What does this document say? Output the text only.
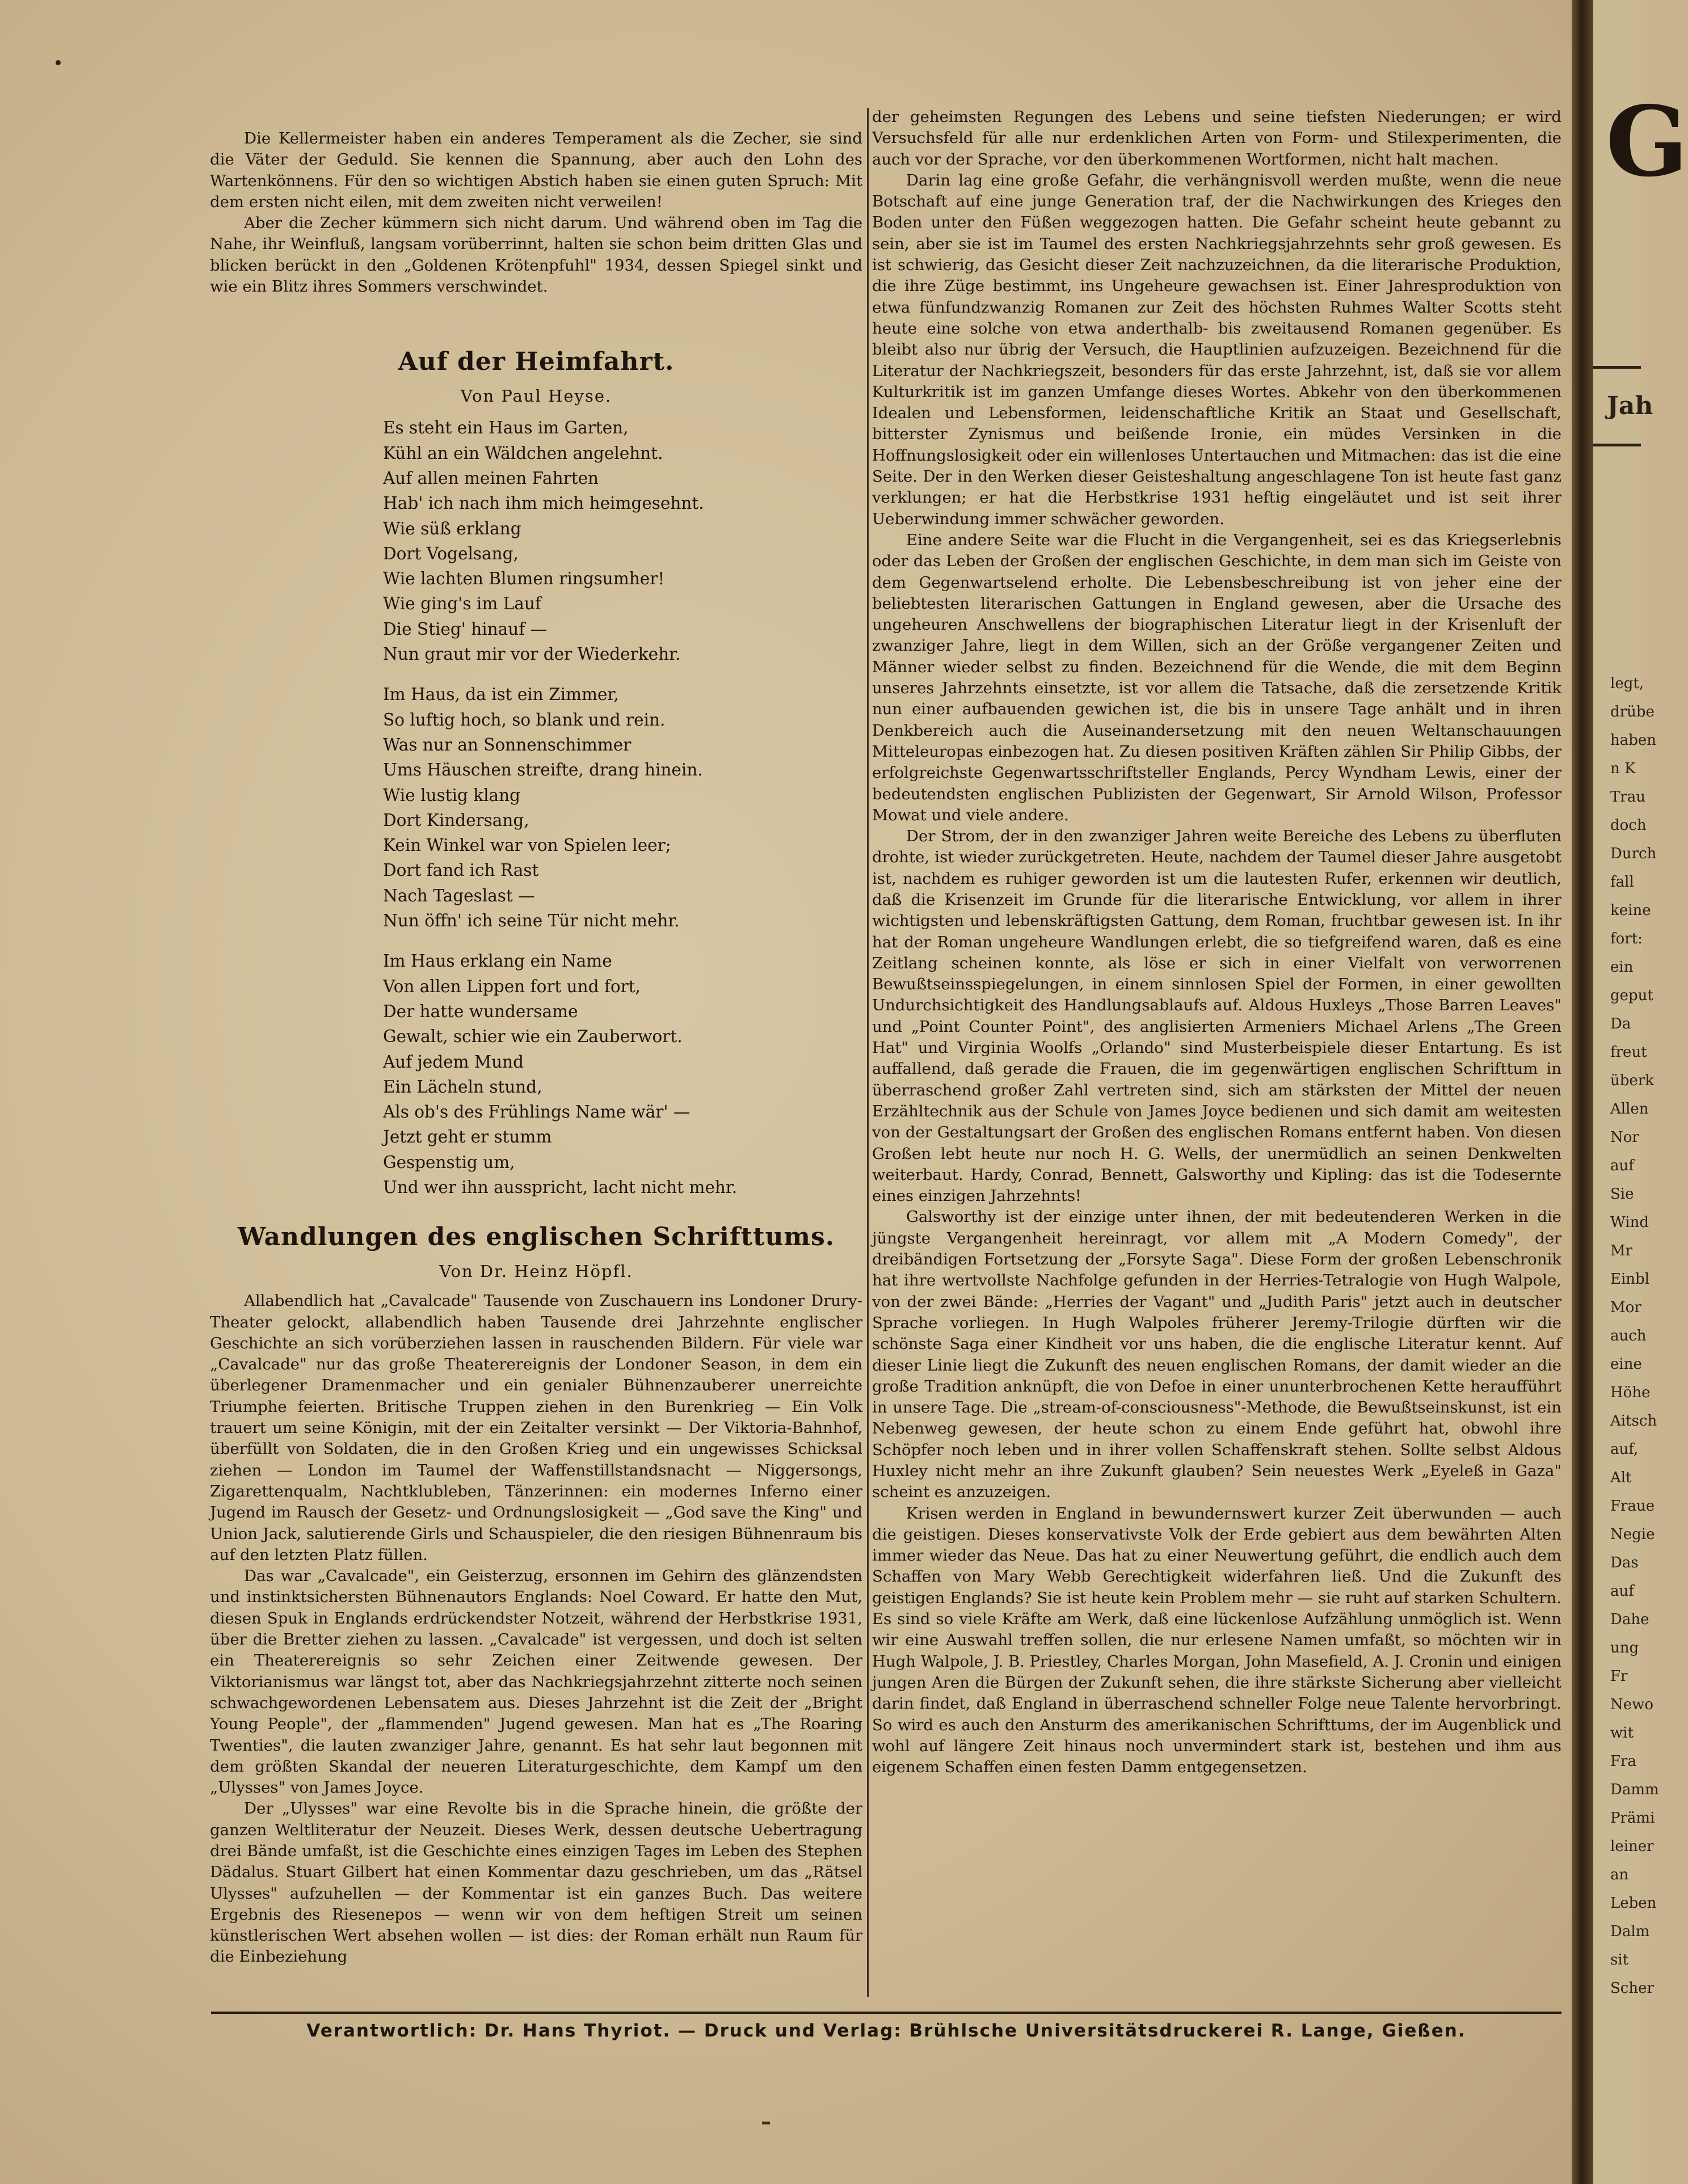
Die Kellermeister haben ein anderes Temperament als die Zecher, sie sind die Väter der Geduld. Sie kennen die Spannung, aber auch den Lohn des Wartenkönnens. Für den so wichtigen Abstich haben sie einen guten Spruch: Mit dem ersten nicht eilen, mit dem zweiten nicht verweilen!

Aber die Zecher kümmern sich nicht darum. Und während oben im Tag die Nahe, ihr Weinfluß, langsam vorüberrinnt, halten sie schon beim dritten Glas und blicken berückt in den „Goldenen Krötenpfuhl" 1934, dessen Spiegel sinkt und wie ein Blitz ihres Sommers verschwindet.

Auf der Heimfahrt.
Von Paul Heyse.
Es steht ein Haus im Garten,
Kühl an ein Wäldchen angelehnt.
Auf allen meinen Fahrten
Hab' ich nach ihm mich heimgesehnt.
Wie süß erklang
Dort Vogelsang,
Wie lachten Blumen ringsumher!
Wie ging's im Lauf
Die Stieg' hinauf —
Nun graut mir vor der Wiederkehr.
Im Haus, da ist ein Zimmer,
So luftig hoch, so blank und rein.
Was nur an Sonnenschimmer
Ums Häuschen streifte, drang hinein.
Wie lustig klang
Dort Kindersang,
Kein Winkel war von Spielen leer;
Dort fand ich Rast
Nach Tageslast —
Nun öffn' ich seine Tür nicht mehr.
Im Haus erklang ein Name
Von allen Lippen fort und fort,
Der hatte wundersame
Gewalt, schier wie ein Zauberwort.
Auf jedem Mund
Ein Lächeln stund,
Als ob's des Frühlings Name wär' —
Jetzt geht er stumm
Gespenstig um,
Und wer ihn ausspricht, lacht nicht mehr.
Wandlungen des englischen Schrifttums.
Von Dr. Heinz Höpfl.

Allabendlich hat „Cavalcade" Tausende von Zuschauern ins Londoner Drury-Theater gelockt, allabendlich haben Tausende drei Jahrzehnte englischer Geschichte an sich vorüberziehen lassen in rauschenden Bildern. Für viele war „Cavalcade" nur das große Theaterereignis der Londoner Season, in dem ein überlegener Dramenmacher und ein genialer Bühnenzauberer unerreichte Triumphe feierten. Britische Truppen ziehen in den Burenkrieg — Ein Volk trauert um seine Königin, mit der ein Zeitalter versinkt — Der Viktoria-Bahnhof, überfüllt von Soldaten, die in den Großen Krieg und ein ungewisses Schicksal ziehen — London im Taumel der Waffenstillstandsnacht — Niggersongs, Zigarettenqualm, Nachtklubleben, Tänzerinnen: ein modernes Inferno einer Jugend im Rausch der Gesetz- und Ordnungslosigkeit — „God save the King" und Union Jack, salutierende Girls und Schauspieler, die den riesigen Bühnenraum bis auf den letzten Platz füllen.

Das war „Cavalcade", ein Geisterzug, ersonnen im Gehirn des glänzendsten und instinktsichersten Bühnenautors Englands: Noel Coward. Er hatte den Mut, diesen Spuk in Englands erdrückendster Notzeit, während der Herbstkrise 1931, über die Bretter ziehen zu lassen. „Cavalcade" ist vergessen, und doch ist selten ein Theaterereignis so sehr Zeichen einer Zeitwende gewesen. Der Viktorianismus war längst tot, aber das Nachkriegsjahrzehnt zitterte noch seinen schwachgewordenen Lebensatem aus. Dieses Jahrzehnt ist die Zeit der „Bright Young People", der „flammenden" Jugend gewesen. Man hat es „The Roaring Twenties", die lauten zwanziger Jahre, genannt. Es hat sehr laut begonnen mit dem größten Skandal der neueren Literaturgeschichte, dem Kampf um den „Ulysses" von James Joyce.

Der „Ulysses" war eine Revolte bis in die Sprache hinein, die größte der ganzen Weltliteratur der Neuzeit. Dieses Werk, dessen deutsche Uebertragung drei Bände umfaßt, ist die Geschichte eines einzigen Tages im Leben des Stephen Dädalus. Stuart Gilbert hat einen Kommentar dazu geschrieben, um das „Rätsel Ulysses" aufzuhellen — der Kommentar ist ein ganzes Buch. Das weitere Ergebnis des Riesenepos — wenn wir von dem heftigen Streit um seinen künstlerischen Wert absehen wollen — ist dies: der Roman erhält nun Raum für die Einbeziehung

der geheimsten Regungen des Lebens und seine tiefsten Niederungen; er wird Versuchsfeld für alle nur erdenklichen Arten von Form- und Stilexperimenten, die auch vor der Sprache, vor den überkommenen Wortformen, nicht halt machen.

Darin lag eine große Gefahr, die verhängnisvoll werden mußte, wenn die neue Botschaft auf eine junge Generation traf, der die Nachwirkungen des Krieges den Boden unter den Füßen weggezogen hatten. Die Gefahr scheint heute gebannt zu sein, aber sie ist im Taumel des ersten Nachkriegsjahrzehnts sehr groß gewesen. Es ist schwierig, das Gesicht dieser Zeit nachzuzeichnen, da die literarische Produktion, die ihre Züge bestimmt, ins Ungeheure gewachsen ist. Einer Jahresproduktion von etwa fünfundzwanzig Romanen zur Zeit des höchsten Ruhmes Walter Scotts steht heute eine solche von etwa anderthalb- bis zweitausend Romanen gegenüber. Es bleibt also nur übrig der Versuch, die Hauptlinien aufzuzeigen. Bezeichnend für die Literatur der Nachkriegszeit, besonders für das erste Jahrzehnt, ist, daß sie vor allem Kulturkritik ist im ganzen Umfange dieses Wortes. Abkehr von den überkommenen Idealen und Lebensformen, leidenschaftliche Kritik an Staat und Gesellschaft, bitterster Zynismus und beißende Ironie, ein müdes Versinken in die Hoffnungslosigkeit oder ein willenloses Untertauchen und Mitmachen: das ist die eine Seite. Der in den Werken dieser Geisteshaltung angeschlagene Ton ist heute fast ganz verklungen; er hat die Herbstkrise 1931 heftig eingeläutet und ist seit ihrer Ueberwindung immer schwächer geworden.

Eine andere Seite war die Flucht in die Vergangenheit, sei es das Kriegserlebnis oder das Leben der Großen der englischen Geschichte, in dem man sich im Geiste von dem Gegenwartselend erholte. Die Lebensbeschreibung ist von jeher eine der beliebtesten literarischen Gattungen in England gewesen, aber die Ursache des ungeheuren Anschwellens der biographischen Literatur liegt in der Krisenluft der zwanziger Jahre, liegt in dem Willen, sich an der Größe vergangener Zeiten und Männer wieder selbst zu finden. Bezeichnend für die Wende, die mit dem Beginn unseres Jahrzehnts einsetzte, ist vor allem die Tatsache, daß die zersetzende Kritik nun einer aufbauenden gewichen ist, die bis in unsere Tage anhält und in ihren Denkbereich auch die Auseinandersetzung mit den neuen Weltanschauungen Mitteleuropas einbezogen hat. Zu diesen positiven Kräften zählen Sir Philip Gibbs, der erfolgreichste Gegenwartsschriftsteller Englands, Percy Wyndham Lewis, einer der bedeutendsten englischen Publizisten der Gegenwart, Sir Arnold Wilson, Professor Mowat und viele andere.

Der Strom, der in den zwanziger Jahren weite Bereiche des Lebens zu überfluten drohte, ist wieder zurückgetreten. Heute, nachdem der Taumel dieser Jahre ausgetobt ist, nachdem es ruhiger geworden ist um die lautesten Rufer, erkennen wir deutlich, daß die Krisenzeit im Grunde für die literarische Entwicklung, vor allem in ihrer wichtigsten und lebenskräftigsten Gattung, dem Roman, fruchtbar gewesen ist. In ihr hat der Roman ungeheure Wandlungen erlebt, die so tiefgreifend waren, daß es eine Zeitlang scheinen konnte, als löse er sich in einer Vielfalt von verworrenen Bewußtseinsspiegelungen, in einem sinnlosen Spiel der Formen, in einer gewollten Undurchsichtigkeit des Handlungsablaufs auf. Aldous Huxleys „Those Barren Leaves" und „Point Counter Point", des anglisierten Armeniers Michael Arlens „The Green Hat" und Virginia Woolfs „Orlando" sind Musterbeispiele dieser Entartung. Es ist auffallend, daß gerade die Frauen, die im gegenwärtigen englischen Schrifttum in überraschend großer Zahl vertreten sind, sich am stärksten der Mittel der neuen Erzähltechnik aus der Schule von James Joyce bedienen und sich damit am weitesten von der Gestaltungsart der Großen des englischen Romans entfernt haben. Von diesen Großen lebt heute nur noch H. G. Wells, der unermüdlich an seinen Denkwelten weiterbaut. Hardy, Conrad, Bennett, Galsworthy und Kipling: das ist die Todesernte eines einzigen Jahrzehnts!

Galsworthy ist der einzige unter ihnen, der mit bedeutenderen Werken in die jüngste Vergangenheit hereinragt, vor allem mit „A Modern Comedy", der dreibändigen Fortsetzung der „Forsyte Saga". Diese Form der großen Lebenschronik hat ihre wertvollste Nachfolge gefunden in der Herries-Tetralogie von Hugh Walpole, von der zwei Bände: „Herries der Vagant" und „Judith Paris" jetzt auch in deutscher Sprache vorliegen. In Hugh Walpoles früherer Jeremy-Trilogie dürften wir die schönste Saga einer Kindheit vor uns haben, die die englische Literatur kennt. Auf dieser Linie liegt die Zukunft des neuen englischen Romans, der damit wieder an die große Tradition anknüpft, die von Defoe in einer ununterbrochenen Kette heraufführt in unsere Tage. Die „stream-of-consciousness"-Methode, die Bewußtseinskunst, ist ein Nebenweg gewesen, der heute schon zu einem Ende geführt hat, obwohl ihre Schöpfer noch leben und in ihrer vollen Schaffenskraft stehen. Sollte selbst Aldous Huxley nicht mehr an ihre Zukunft glauben? Sein neuestes Werk „Eyeleß in Gaza" scheint es anzuzeigen.

Krisen werden in England in bewundernswert kurzer Zeit überwunden — auch die geistigen. Dieses konservativste Volk der Erde gebiert aus dem bewährten Alten immer wieder das Neue. Das hat zu einer Neuwertung geführt, die endlich auch dem Schaffen von Mary Webb Gerechtigkeit widerfahren ließ. Und die Zukunft des geistigen Englands? Sie ist heute kein Problem mehr — sie ruht auf starken Schultern. Es sind so viele Kräfte am Werk, daß eine lückenlose Aufzählung unmöglich ist. Wenn wir eine Auswahl treffen sollen, die nur erlesene Namen umfaßt, so möchten wir in Hugh Walpole, J. B. Priestley, Charles Morgan, John Masefield, A. J. Cronin und einigen jungen Aren die Bürgen der Zukunft sehen, die ihre stärkste Sicherung aber vielleicht darin findet, daß England in überraschend schneller Folge neue Talente hervorbringt. So wird es auch den Ansturm des amerikanischen Schrifttums, der im Augenblick und wohl auf längere Zeit hinaus noch unvermindert stark ist, bestehen und ihm aus eigenem Schaffen einen festen Damm entgegensetzen.

Verantwortlich: Dr. Hans Thyriot. — Druck und Verlag: Brühlsche Universitätsdruckerei R. Lange, Gießen.
G
Jah
legt,
drübe
haben
n K
Trau
doch
Durch
fall
keine
fort:
ein
geput
Da
freut
überk
Allen
Nor
auf
Sie
Wind
Mr
Einbl
Mor
auch
eine
Höhe
Aitsch
auf,
Alt
Fraue
Negie
Das
auf
Dahe
ung
Fr
Newo
wit
Fra
Damm
Prämi
leiner
an
Leben
Dalm
sit
Scher
